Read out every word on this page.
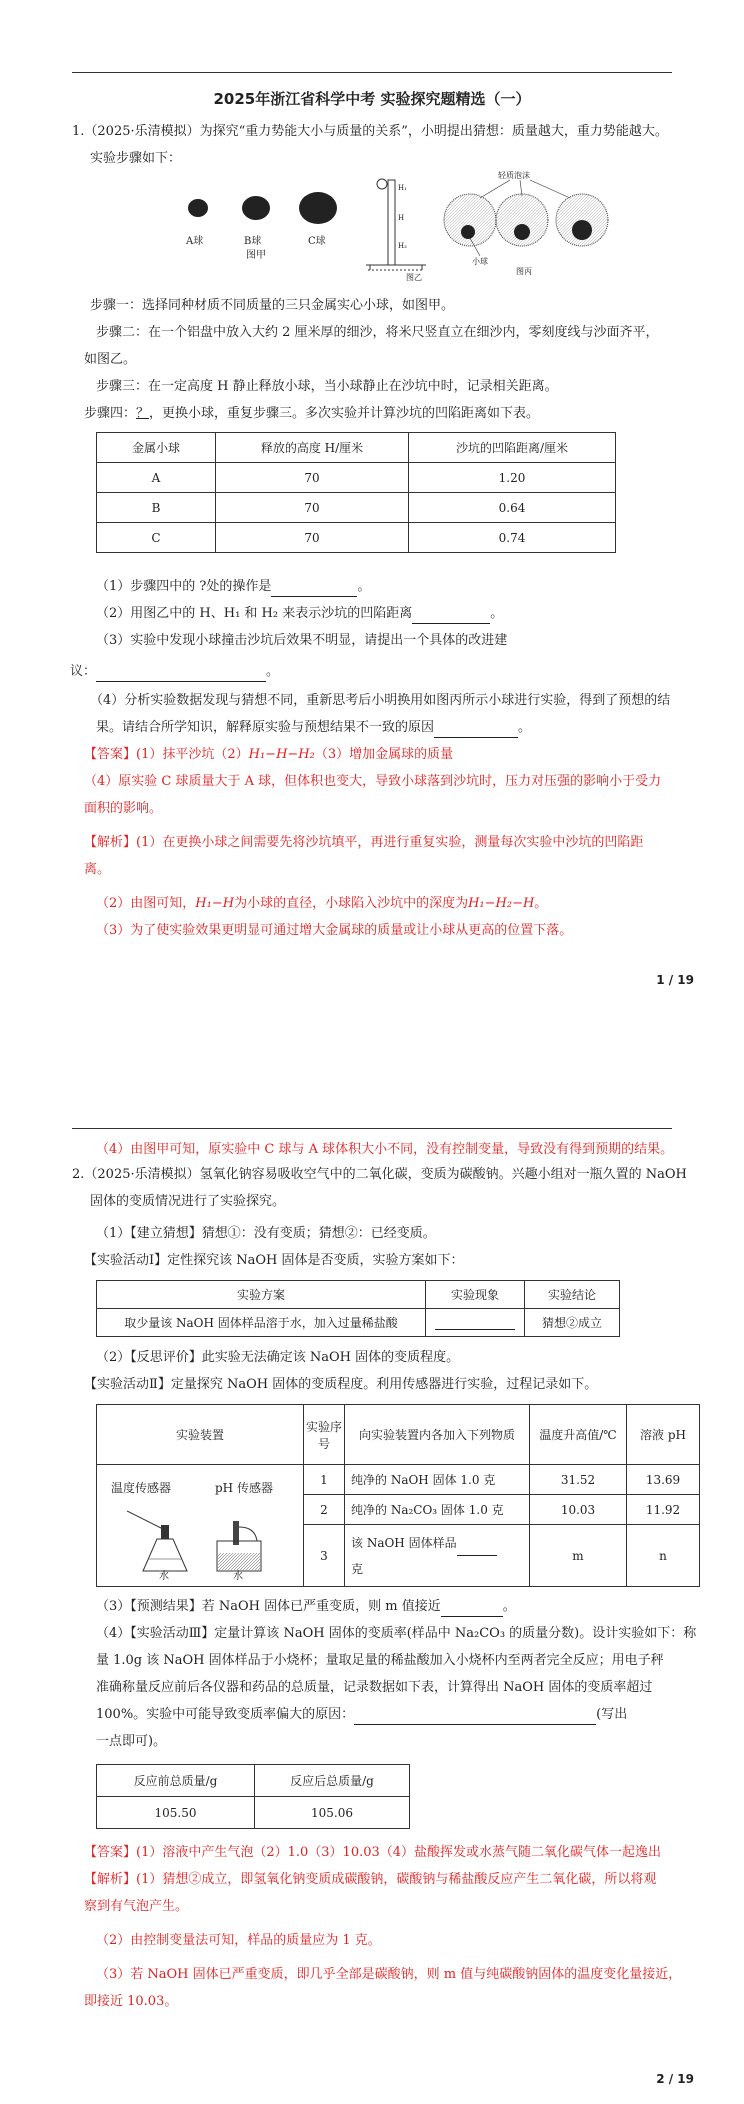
2025年浙江省科学中考 实验探究题精选（一）
1.（2025·乐清模拟）为探究“重力势能大小与质量的关系”，小明提出猜想：质量越大，重力势能越大。
实验步骤如下：
A球	B球	C球
图甲
H₁
H
H₂
图乙
轻质泡沫
小球
图丙
步骤一：选择同种材质不同质量的三只金属实心小球，如图甲。
步骤二：在一个铝盘中放入大约 2 厘米厚的细沙，将米尺竖直立在细沙内，零刻度线与沙面齐平，
如图乙。
步骤三：在一定高度 H 静止释放小球，当小球静止在沙坑中时，记录相关距离。
步骤四：？，更换小球，重复步骤三。多次实验并计算沙坑的凹陷距离如下表。
金属小球	释放的高度 H/厘米	沙坑的凹陷距离/厘米
A	70	1.20
B	70	0.64
C	70	0.74
（1）步骤四中的 ?处的操作是	。
（2）用图乙中的 H、H₁ 和 H₂ 来表示沙坑的凹陷距离	。
（3）实验中发现小球撞击沙坑后效果不明显，请提出一个具体的改进建
议：	。
（4）分析实验数据发现与猜想不同，重新思考后小明换用如图丙所示小球进行实验，得到了预想的结
果。请结合所学知识，解释原实验与预想结果不一致的原因	。
【答案】(1）抹平沙坑（2）H₁−H−H₂（3）增加金属球的质量
（4）原实验 C 球质量大于 A 球，但体积也变大，导致小球落到沙坑时，压力对压强的影响小于受力
面积的影响。
【解析】(1）在更换小球之间需要先将沙坑填平，再进行重复实验，测量每次实验中沙坑的凹陷距
离。
（2）由图可知，H₁−H为小球的直径，小球陷入沙坑中的深度为H₁−H₂−H。
（3）为了使实验效果更明显可通过增大金属球的质量或让小球从更高的位置下落。
1 / 19
（4）由图甲可知，原实验中 C 球与 A 球体积大小不同，没有控制变量，导致没有得到预期的结果。
2.（2025·乐清模拟）氢氧化钠容易吸收空气中的二氧化碳，变质为碳酸钠。兴趣小组对一瓶久置的 NaOH
固体的变质情况进行了实验探究。
（1）【建立猜想】猜想①：没有变质；猜想②：已经变质。
【实验活动Ⅰ】定性探究该 NaOH 固体是否变质，实验方案如下：
实验方案	实验现象	实验结论
取少量该 NaOH 固体样品溶于水，加入过量稀盐酸		猜想②成立
（2）【反思评价】此实验无法确定该 NaOH 固体的变质程度。
【实验活动Ⅱ】定量探究 NaOH 固体的变质程度。利用传感器进行实验，过程记录如下。
实验装置	实验序号	向实验装置内各加入下列物质	温度升高值/℃	溶液 pH

温度传感器 pH 传感器
水 水	1	纯净的 NaOH 固体 1.0 克	31.52	13.69
	2	纯净的 Na₂CO₃ 固体 1.0 克	10.03	11.92
	3	该 NaOH 固体样品
克	m	n
（3）【预测结果】若 NaOH 固体已严重变质，则 m 值接近	。
（4）【实验活动Ⅲ】定量计算该 NaOH 固体的变质率(样品中 Na₂CO₃ 的质量分数)。设计实验如下：称
量 1.0g 该 NaOH 固体样品于小烧杯；量取足量的稀盐酸加入小烧杯内至两者完全反应；用电子秤
准确称量反应前后各仪器和药品的总质量，记录数据如下表，计算得出 NaOH 固体的变质率超过
100%。实验中可能导致变质率偏大的原因：	(写出
一点即可)。
反应前总质量/g	反应后总质量/g
105.50	105.06
【答案】(1）溶液中产生气泡（2）1.0（3）10.03（4）盐酸挥发或水蒸气随二氧化碳气体一起逸出
【解析】(1）猜想②成立，即氢氧化钠变质成碳酸钠，碳酸钠与稀盐酸反应产生二氧化碳，所以将观
察到有气泡产生。
（2）由控制变量法可知，样品的质量应为 1 克。
（3）若 NaOH 固体已严重变质，即几乎全部是碳酸钠，则 m 值与纯碳酸钠固体的温度变化量接近，
即接近 10.03。
2 / 19
